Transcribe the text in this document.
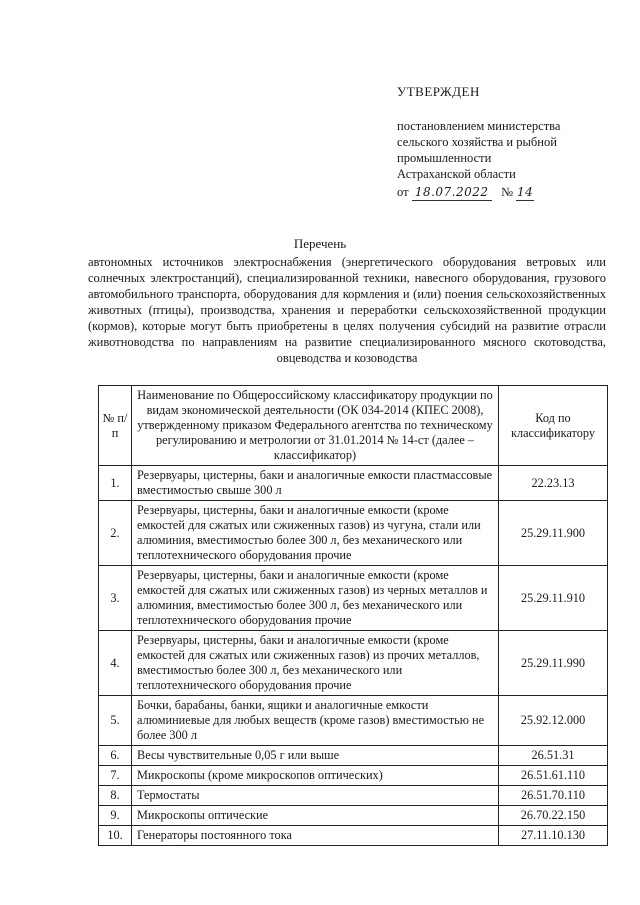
УТВЕРЖДЕН
постановлением министерства
сельского хозяйства и рыбной
промышленности
Астраханской области
от 18.07.2022 № 14
Перечень
автономных источников электроснабжения (энергетического оборудования ветровых или солнечных электростанций), специализированной техники, навесного оборудования, грузового автомобильного транспорта, оборудования для кормления и (или) поения сельскохозяйственных животных (птицы), производства, хранения и переработки сельскохозяйственной продукции (кормов), которые могут быть приобретены в целях получения субсидий на развитие отрасли животноводства по направлениям на развитие специализированного мясного скотоводства, овцеводства и козоводства
№ п/п	Наименование по Общероссийскому классификатору продукции по видам экономической деятельности (ОК 034-2014 (КПЕС 2008), утвержденному приказом Федерального агентства по техническому регулированию и метрологии от 31.01.2014 № 14-ст (далее – классификатор)	Код по классификатору
1.	Резервуары, цистерны, баки и аналогичные емкости пластмассовые вместимостью свыше 300 л	22.23.13
2.	Резервуары, цистерны, баки и аналогичные емкости (кроме емкостей для сжатых или сжиженных газов) из чугуна, стали или алюминия, вместимостью более 300 л, без механического или теплотехнического оборудования прочие	25.29.11.900
3.	Резервуары, цистерны, баки и аналогичные емкости (кроме емкостей для сжатых или сжиженных газов) из черных металлов и алюминия, вместимостью более 300 л, без механического или теплотехнического оборудования прочие	25.29.11.910
4.	Резервуары, цистерны, баки и аналогичные емкости (кроме емкостей для сжатых или сжиженных газов) из прочих металлов, вместимостью более 300 л, без механического или теплотехнического оборудования прочие	25.29.11.990
5.	Бочки, барабаны, банки, ящики и аналогичные емкости алюминиевые для любых веществ (кроме газов) вместимостью не более 300 л	25.92.12.000
6.	Весы чувствительные 0,05 г или выше	26.51.31
7.	Микроскопы (кроме микроскопов оптических)	26.51.61.110
8.	Термостаты	26.51.70.110
9.	Микроскопы оптические	26.70.22.150
10.	Генераторы постоянного тока	27.11.10.130
